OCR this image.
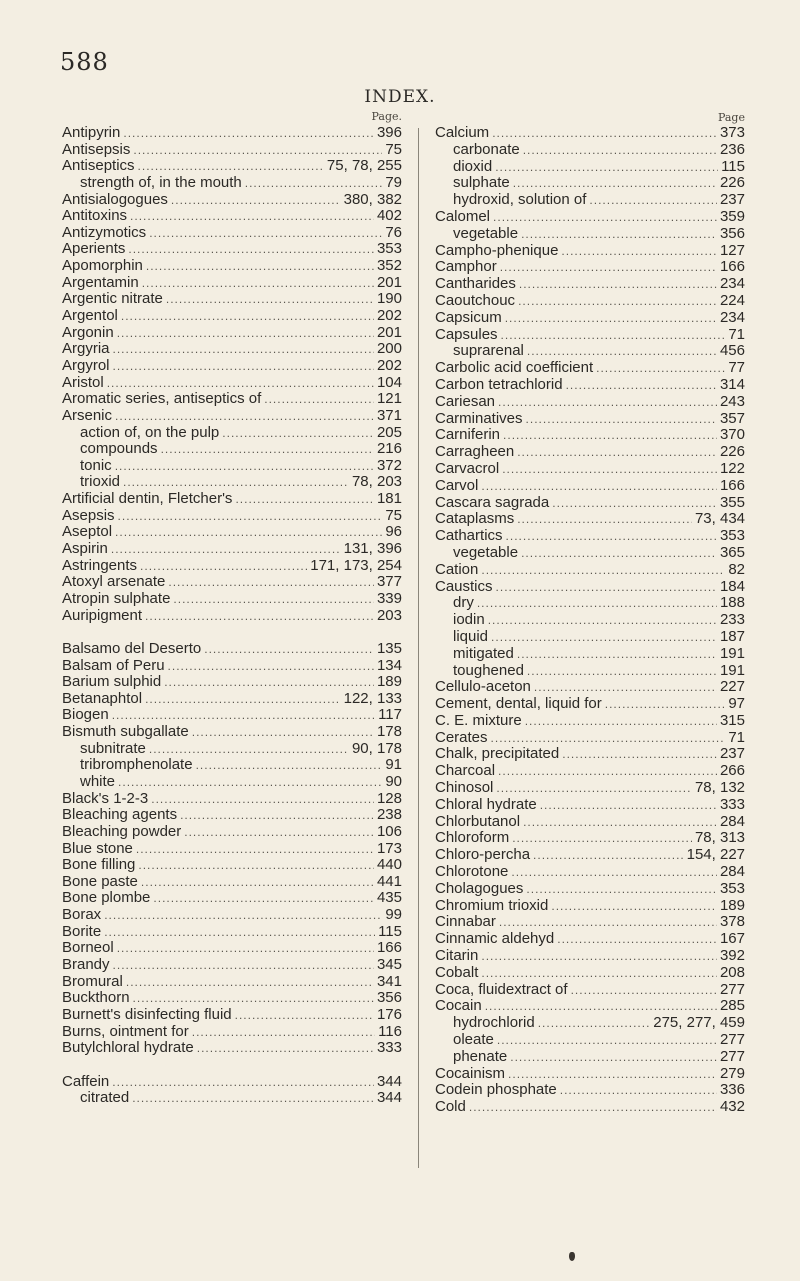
588
INDEX.
Page.
Antipyrin .....	396
Antisepsis .....	75
Antiseptics .....	75, 78, 255
strength of, in the mouth .....	79
Antisialogogues .....	380, 382
Antitoxins .....	402
Antizymotics .....	76
Aperients .....	353
Apomorphin .....	352
Argentamin .....	201
Argentic nitrate .....	190
Argentol .....	202
Argonin .....	201
Argyria .....	200
Argyrol .....	202
Aristol .....	104
Aromatic series, antiseptics of .....	121
Arsenic .....	371
action of, on the pulp .....	205
compounds .....	216
tonic .....	372
trioxid .....	78, 203
Artificial dentin, Fletcher's .....	181
Asepsis .....	75
Aseptol .....	96
Aspirin .....	131, 396
Astringents .....	171, 173, 254
Atoxyl arsenate .....	377
Atropin sulphate .....	339
Auripigment .....	203
Balsamo del Deserto .....	135
Balsam of Peru .....	134
Barium sulphid .....	189
Betanaphtol .....	122, 133
Biogen .....	117
Bismuth subgallate .....	178
subnitrate .....	90, 178
tribromphenolate .....	91
white .....	90
Black's 1-2-3 .....	128
Bleaching agents .....	238
Bleaching powder .....	106
Blue stone .....	173
Bone filling .....	440
Bone paste .....	441
Bone plombe .....	435
Borax .....	99
Borite .....	115
Borneol .....	166
Brandy .....	345
Bromural .....	341
Buckthorn .....	356
Burnett's disinfecting fluid .....	176
Burns, ointment for .....	116
Butylchloral hydrate .....	333
Caffein .....	344
citrated .....	344
Page
Calcium .....	373
carbonate .....	236
dioxid .....	115
sulphate .....	226
hydroxid, solution of .....	237
Calomel .....	359
vegetable .....	356
Campho-phenique .....	127
Camphor .....	166
Cantharides .....	234
Caoutchouc .....	224
Capsicum .....	234
Capsules .....	71
suprarenal .....	456
Carbolic acid coefficient .....	77
Carbon tetrachlorid .....	314
Cariesan .....	243
Carminatives .....	357
Carniferin .....	370
Carragheen .....	226
Carvacrol .....	122
Carvol .....	166
Cascara sagrada .....	355
Cataplasms .....	73, 434
Cathartics .....	353
vegetable .....	365
Cation .....	82
Caustics .....	184
dry .....	188
iodin .....	233
liquid .....	187
mitigated .....	191
toughened .....	191
Cellulo-aceton .....	227
Cement, dental, liquid for .....	97
C. E. mixture .....	315
Cerates .....	71
Chalk, precipitated .....	237
Charcoal .....	266
Chinosol .....	78, 132
Chloral hydrate .....	333
Chlorbutanol .....	284
Chloroform .....	78, 313
Chloro-percha .....	154, 227
Chlorotone .....	284
Cholagogues .....	353
Chromium trioxid .....	189
Cinnabar .....	378
Cinnamic aldehyd .....	167
Citarin .....	392
Cobalt .....	208
Coca, fluidextract of .....	277
Cocain .....	285
hydrochlorid .....	275, 277, 459
oleate .....	277
phenate .....	277
Cocainism .....	279
Codein phosphate .....	336
Cold .....	432
